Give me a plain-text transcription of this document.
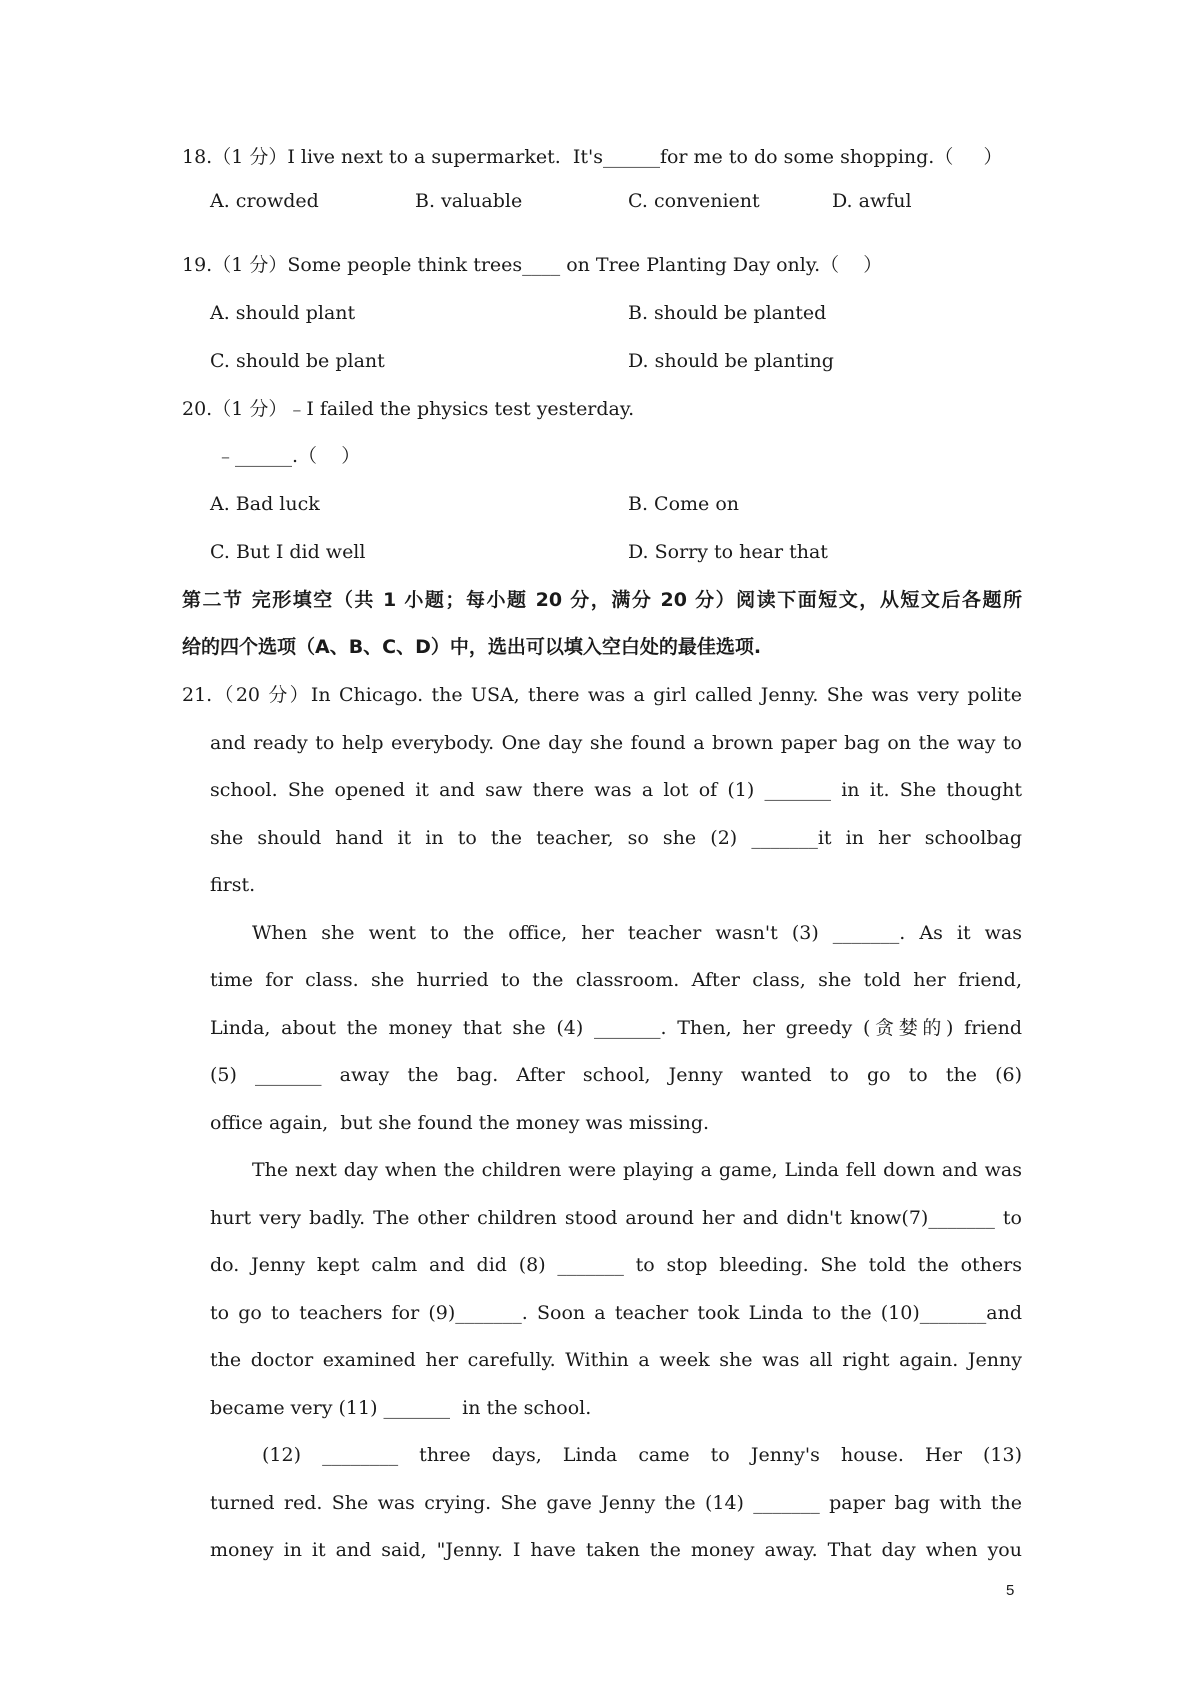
18.（1 分）I live next to a supermarket.  It's______for me to do some shopping.（     ）
A. crowded	B. valuable	C. convenient	D. awful
19.（1 分）Some people think trees____ on Tree Planting Day only.（    ）
A. should plant	B. should be planted
C. should be plant	D. should be planting
20.（1 分）﹣I failed the physics test yesterday.
﹣______.（    ）
A. Bad luck	B. Come on
C. But I did well	D. Sorry to hear that
第二节 完形填空（共 1 小题；每小题 20 分，满分 20 分）阅读下面短文，从短文后各题所
给的四个选项（A、B、C、D）中，选出可以填入空白处的最佳选项.
21.（20 分）In Chicago. the USA, there was a girl called Jenny. She was very polite
and ready to help everybody. One day she found a brown paper bag on the way to
school. She opened it and saw there was a lot of (1) _______ in it. She thought
she should hand it in to the teacher, so she (2) _______it in her schoolbag
first.
When she went to the office, her teacher wasn't (3) _______. As it was
time for class. she hurried to the classroom. After class, she told her friend,
Linda, about the money that she (4) _______. Then, her greedy (贪婪的) friend
(5) _______ away the bag. After school, Jenny wanted to go to the (6)
office again,  but she found the money was missing.
The next day when the children were playing a game, Linda fell down and was
hurt very badly. The other children stood around her and didn't know(7)_______ to
do. Jenny kept calm and did (8) _______ to stop bleeding. She told the others
to go to teachers for (9)_______. Soon a teacher took Linda to the (10)_______and
the doctor examined her carefully. Within a week she was all right again. Jenny
became very (11) _______  in the school.
(12) ________ three days, Linda came to Jenny's house. Her (13)
turned red. She was crying. She gave Jenny the (14) _______ paper bag with the
money in it and said, "Jenny. I have taken the money away. That day when you
5
